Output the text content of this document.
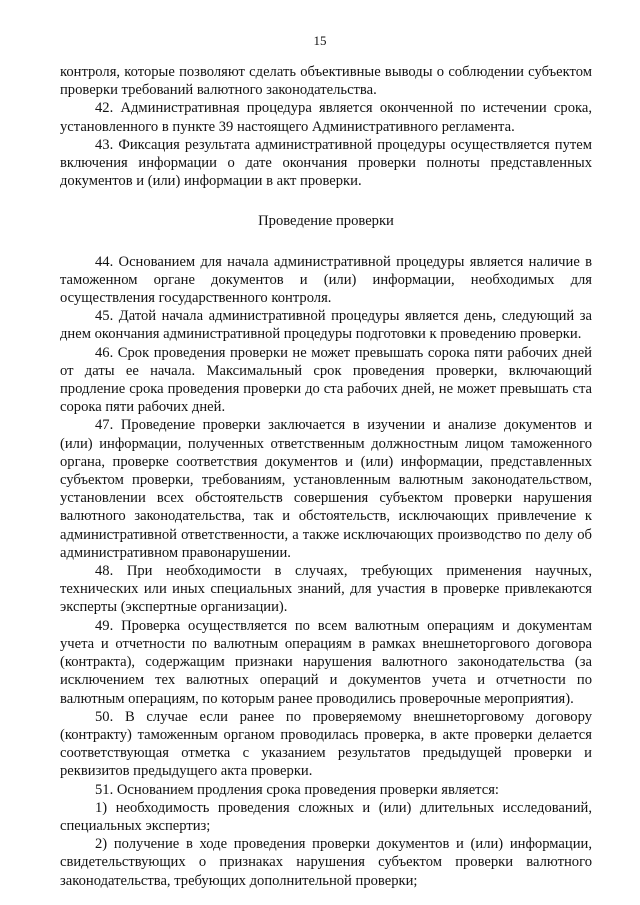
15

контроля, которые позволяют сделать объективные выводы о соблюдении субъектом проверки требований валютного законодательства.

42. Административная процедура является оконченной по истечении срока, установленного в пункте 39 настоящего Административного регламента.

43. Фиксация результата административной процедуры осуществляется путем включения информации о дате окончания проверки полноты представленных документов и (или) информации в акт проверки.

Проведение проверки

44. Основанием для начала административной процедуры является наличие в таможенном органе документов и (или) информации, необходимых для осуществления государственного контроля.

45. Датой начала административной процедуры является день, следующий за днем окончания административной процедуры подготовки к проведению проверки.

46. Срок проведения проверки не может превышать сорока пяти рабочих дней от даты ее начала. Максимальный срок проведения проверки, включающий продление срока проведения проверки до ста рабочих дней, не может превышать ста сорока пяти рабочих дней.

47. Проведение проверки заключается в изучении и анализе документов и (или) информации, полученных ответственным должностным лицом таможенного органа, проверке соответствия документов и (или) информации, представленных субъектом проверки, требованиям, установленным валютным законодательством, установлении всех обстоятельств совершения субъектом проверки нарушения валютного законодательства, так и обстоятельств, исключающих привлечение к административной ответственности, а также исключающих производство по делу об административном правонарушении.

48. При необходимости в случаях, требующих применения научных, технических или иных специальных знаний, для участия в проверке привлекаются эксперты (экспертные организации).

49. Проверка осуществляется по всем валютным операциям и документам учета и отчетности по валютным операциям в рамках внешнеторгового договора (контракта), содержащим признаки нарушения валютного законодательства (за исключением тех валютных операций и документов учета и отчетности по валютным операциям, по которым ранее проводились проверочные мероприятия).

50. В случае если ранее по проверяемому внешнеторговому договору (контракту) таможенным органом проводилась проверка, в акте проверки делается соответствующая отметка с указанием результатов предыдущей проверки и реквизитов предыдущего акта проверки.

51. Основанием продления срока проведения проверки является:

1) необходимость проведения сложных и (или) длительных исследований, специальных экспертиз;

2) получение в ходе проведения проверки документов и (или) информации, свидетельствующих о признаках нарушения субъектом проверки валютного законодательства, требующих дополнительной проверки;
